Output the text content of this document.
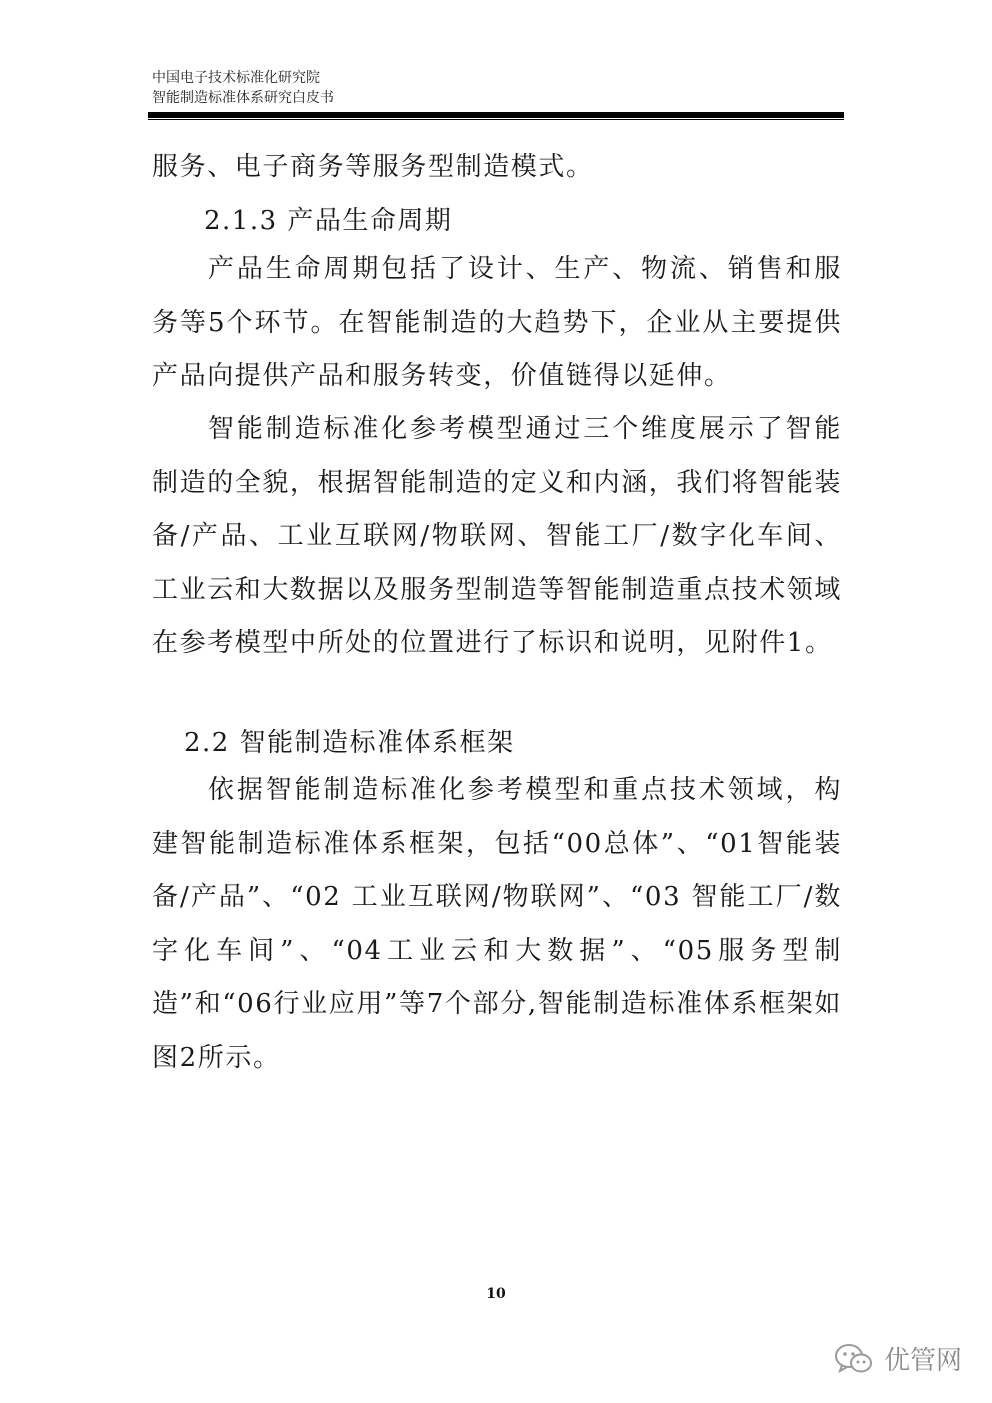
中国电子技术标准化研究院
智能制造标准体系研究白皮书

服务、电子商务等服务型制造模式。

2.1.3 产品生命周期

产品生命周期包括了设计、生产、物流、销售和服务等5个环节。在智能制造的大趋势下，企业从主要提供产品向提供产品和服务转变，价值链得以延伸。

智能制造标准化参考模型通过三个维度展示了智能制造的全貌，根据智能制造的定义和内涵，我们将智能装备/产品、工业互联网/物联网、智能工厂/数字化车间、工业云和大数据以及服务型制造等智能制造重点技术领域在参考模型中所处的位置进行了标识和说明，见附件1。

2.2 智能制造标准体系框架

依据智能制造标准化参考模型和重点技术领域，构建智能制造标准体系框架，包括“00总体”、“01智能装备/产品”、“02 工业互联网/物联网”、“03 智能工厂/数字化车间”、“04工业云和大数据”、“05服务型制造”和“06行业应用”等7个部分,智能制造标准体系框架如图2所示。

10
优管网
